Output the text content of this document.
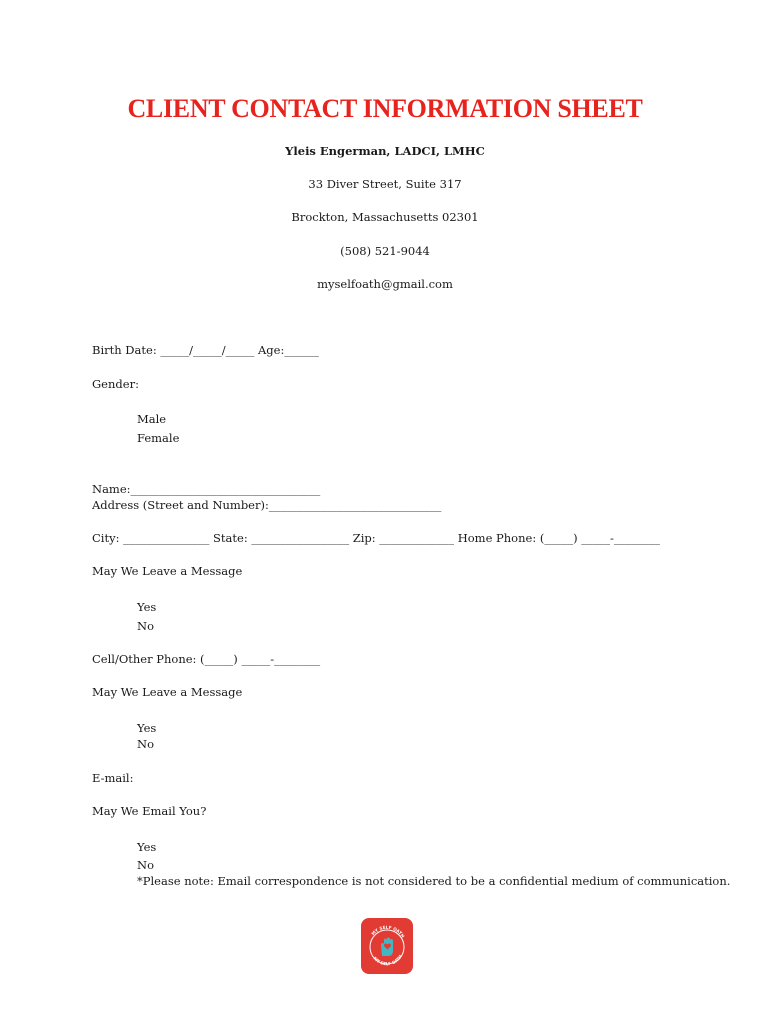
CLIENT CONTACT INFORMATION SHEET
Yleis Engerman, LADCI, LMHC
33 Diver Street, Suite 317
Brockton, Massachusetts 02301
(508) 521-9044
myselfoath@gmail.com
Birth Date: _____/_____/_____ Age:______
Gender:
Male
Female
Name:_________________________________
Address (Street and Number):______________________________
City: _______________ State: _________________ Zip: _____________ Home Phone: (_____) _____-________
May We Leave a Message
Yes
No
Cell/Other Phone: (_____) _____-________
May We Leave a Message
Yes
No
E-mail:
May We Email You?
Yes
No
*Please note: Email correspondence is not considered to be a confidential medium of communication.
MY SELF OATH
MY SELF OATH
